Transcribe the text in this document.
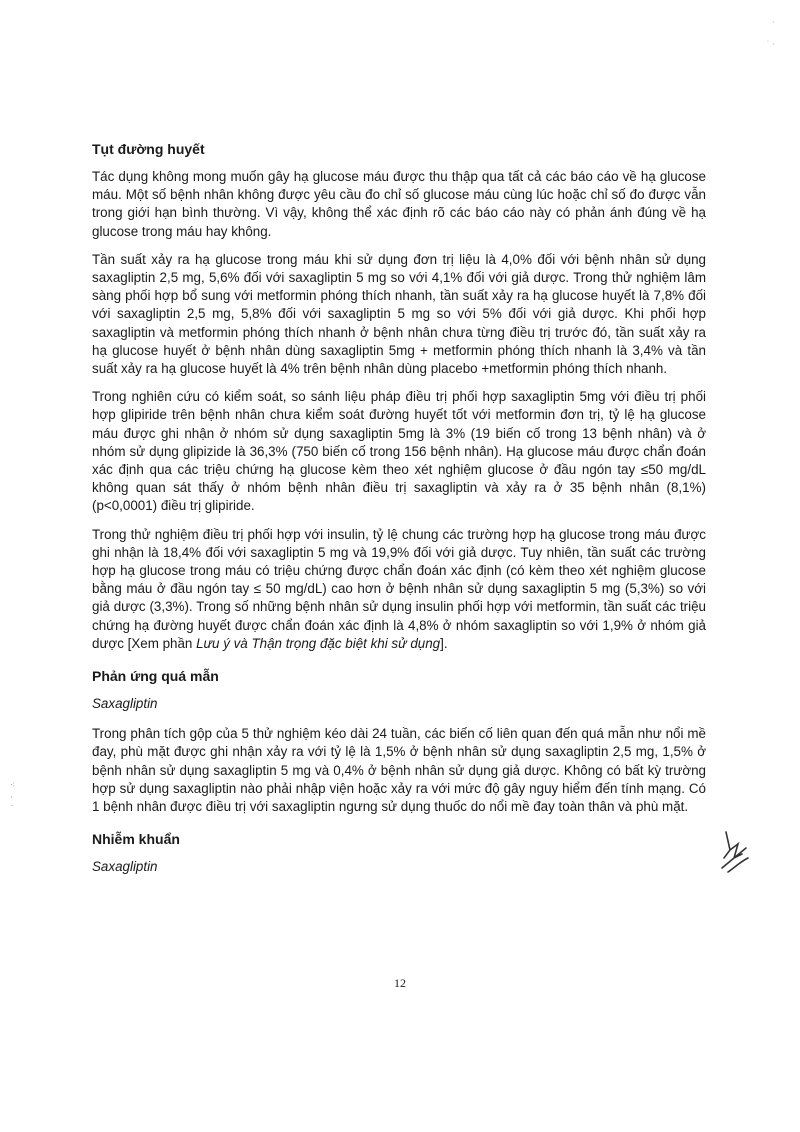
Tụt đường huyết

Tác dụng không mong muốn gây hạ glucose máu được thu thập qua tất cả các báo cáo về hạ glucose máu. Một số bệnh nhân không được yêu cầu đo chỉ số glucose máu cùng lúc hoặc chỉ số đo được vẫn trong giới hạn bình thường. Vì vậy, không thể xác định rõ các báo cáo này có phản ánh đúng về hạ glucose trong máu hay không.

Tần suất xảy ra hạ glucose trong máu khi sử dụng đơn trị liệu là 4,0% đối với bệnh nhân sử dụng saxagliptin 2,5 mg, 5,6% đối với saxagliptin 5 mg so với 4,1% đối với giả dược. Trong thử nghiệm lâm sàng phối hợp bổ sung với metformin phóng thích nhanh, tần suất xảy ra hạ glucose huyết là 7,8% đối với saxagliptin 2,5 mg, 5,8% đối với saxagliptin 5 mg so với 5% đối với giả dược. Khi phối hợp saxagliptin và metformin phóng thích nhanh ở bệnh nhân chưa từng điều trị trước đó, tần suất xảy ra hạ glucose huyết ở bệnh nhân dùng saxagliptin 5mg + metformin phóng thích nhanh là 3,4% và tần suất xảy ra hạ glucose huyết là 4% trên bệnh nhân dùng placebo +metformin phóng thích nhanh.

Trong nghiên cứu có kiểm soát, so sánh liệu pháp điều trị phối hợp saxagliptin 5mg với điều trị phối hợp glipiride trên bệnh nhân chưa kiểm soát đường huyết tốt với metformin đơn trị, tỷ lệ hạ glucose máu được ghi nhận ở nhóm sử dụng saxagliptin 5mg là 3% (19 biến cố trong 13 bệnh nhân) và ở nhóm sử dụng glipizide là 36,3% (750 biến cố trong 156 bệnh nhân). Hạ glucose máu được chẩn đoán xác định qua các triệu chứng hạ glucose kèm theo xét nghiệm glucose ở đầu ngón tay ≤50 mg/dL không quan sát thấy ở nhóm bệnh nhân điều trị saxagliptin và xảy ra ở 35 bệnh nhân (8,1%) (p<0,0001) điều trị glipiride.

Trong thử nghiệm điều trị phối hợp với insulin, tỷ lệ chung các trường hợp hạ glucose trong máu được ghi nhận là 18,4% đối với saxagliptin 5 mg và 19,9% đối với giả dược. Tuy nhiên, tần suất các trường hợp hạ glucose trong máu có triệu chứng được chẩn đoán xác định (có kèm theo xét nghiệm glucose bằng máu ở đầu ngón tay ≤ 50 mg/dL) cao hơn ở bệnh nhân sử dụng saxagliptin 5 mg (5,3%) so với giả dược (3,3%). Trong số những bệnh nhân sử dụng insulin phối hợp với metformin, tần suất các triệu chứng hạ đường huyết được chẩn đoán xác định là 4,8% ở nhóm saxagliptin so với 1,9% ở nhóm giả dược [Xem phần Lưu ý và Thận trọng đặc biệt khi sử dụng].

Phản ứng quá mẫn

Saxagliptin

Trong phân tích gộp của 5 thử nghiệm kéo dài 24 tuần, các biến cố liên quan đến quá mẫn như nổi mề đay, phù mặt được ghi nhận xảy ra với tỷ lệ là 1,5% ở bệnh nhân sử dụng saxagliptin 2,5 mg, 1,5% ở bệnh nhân sử dụng saxagliptin 5 mg và 0,4% ở bệnh nhân sử dụng giả dược. Không có bất kỳ trường hợp sử dụng saxagliptin nào phải nhập viện hoặc xảy ra với mức độ gây nguy hiểm đến tính mạng. Có 1 bệnh nhân được điều trị với saxagliptin ngưng sử dụng thuốc do nổi mề đay toàn thân và phù mặt.

Nhiễm khuẩn

Saxagliptin

12
·
˙ ·
⁖
·
˙
